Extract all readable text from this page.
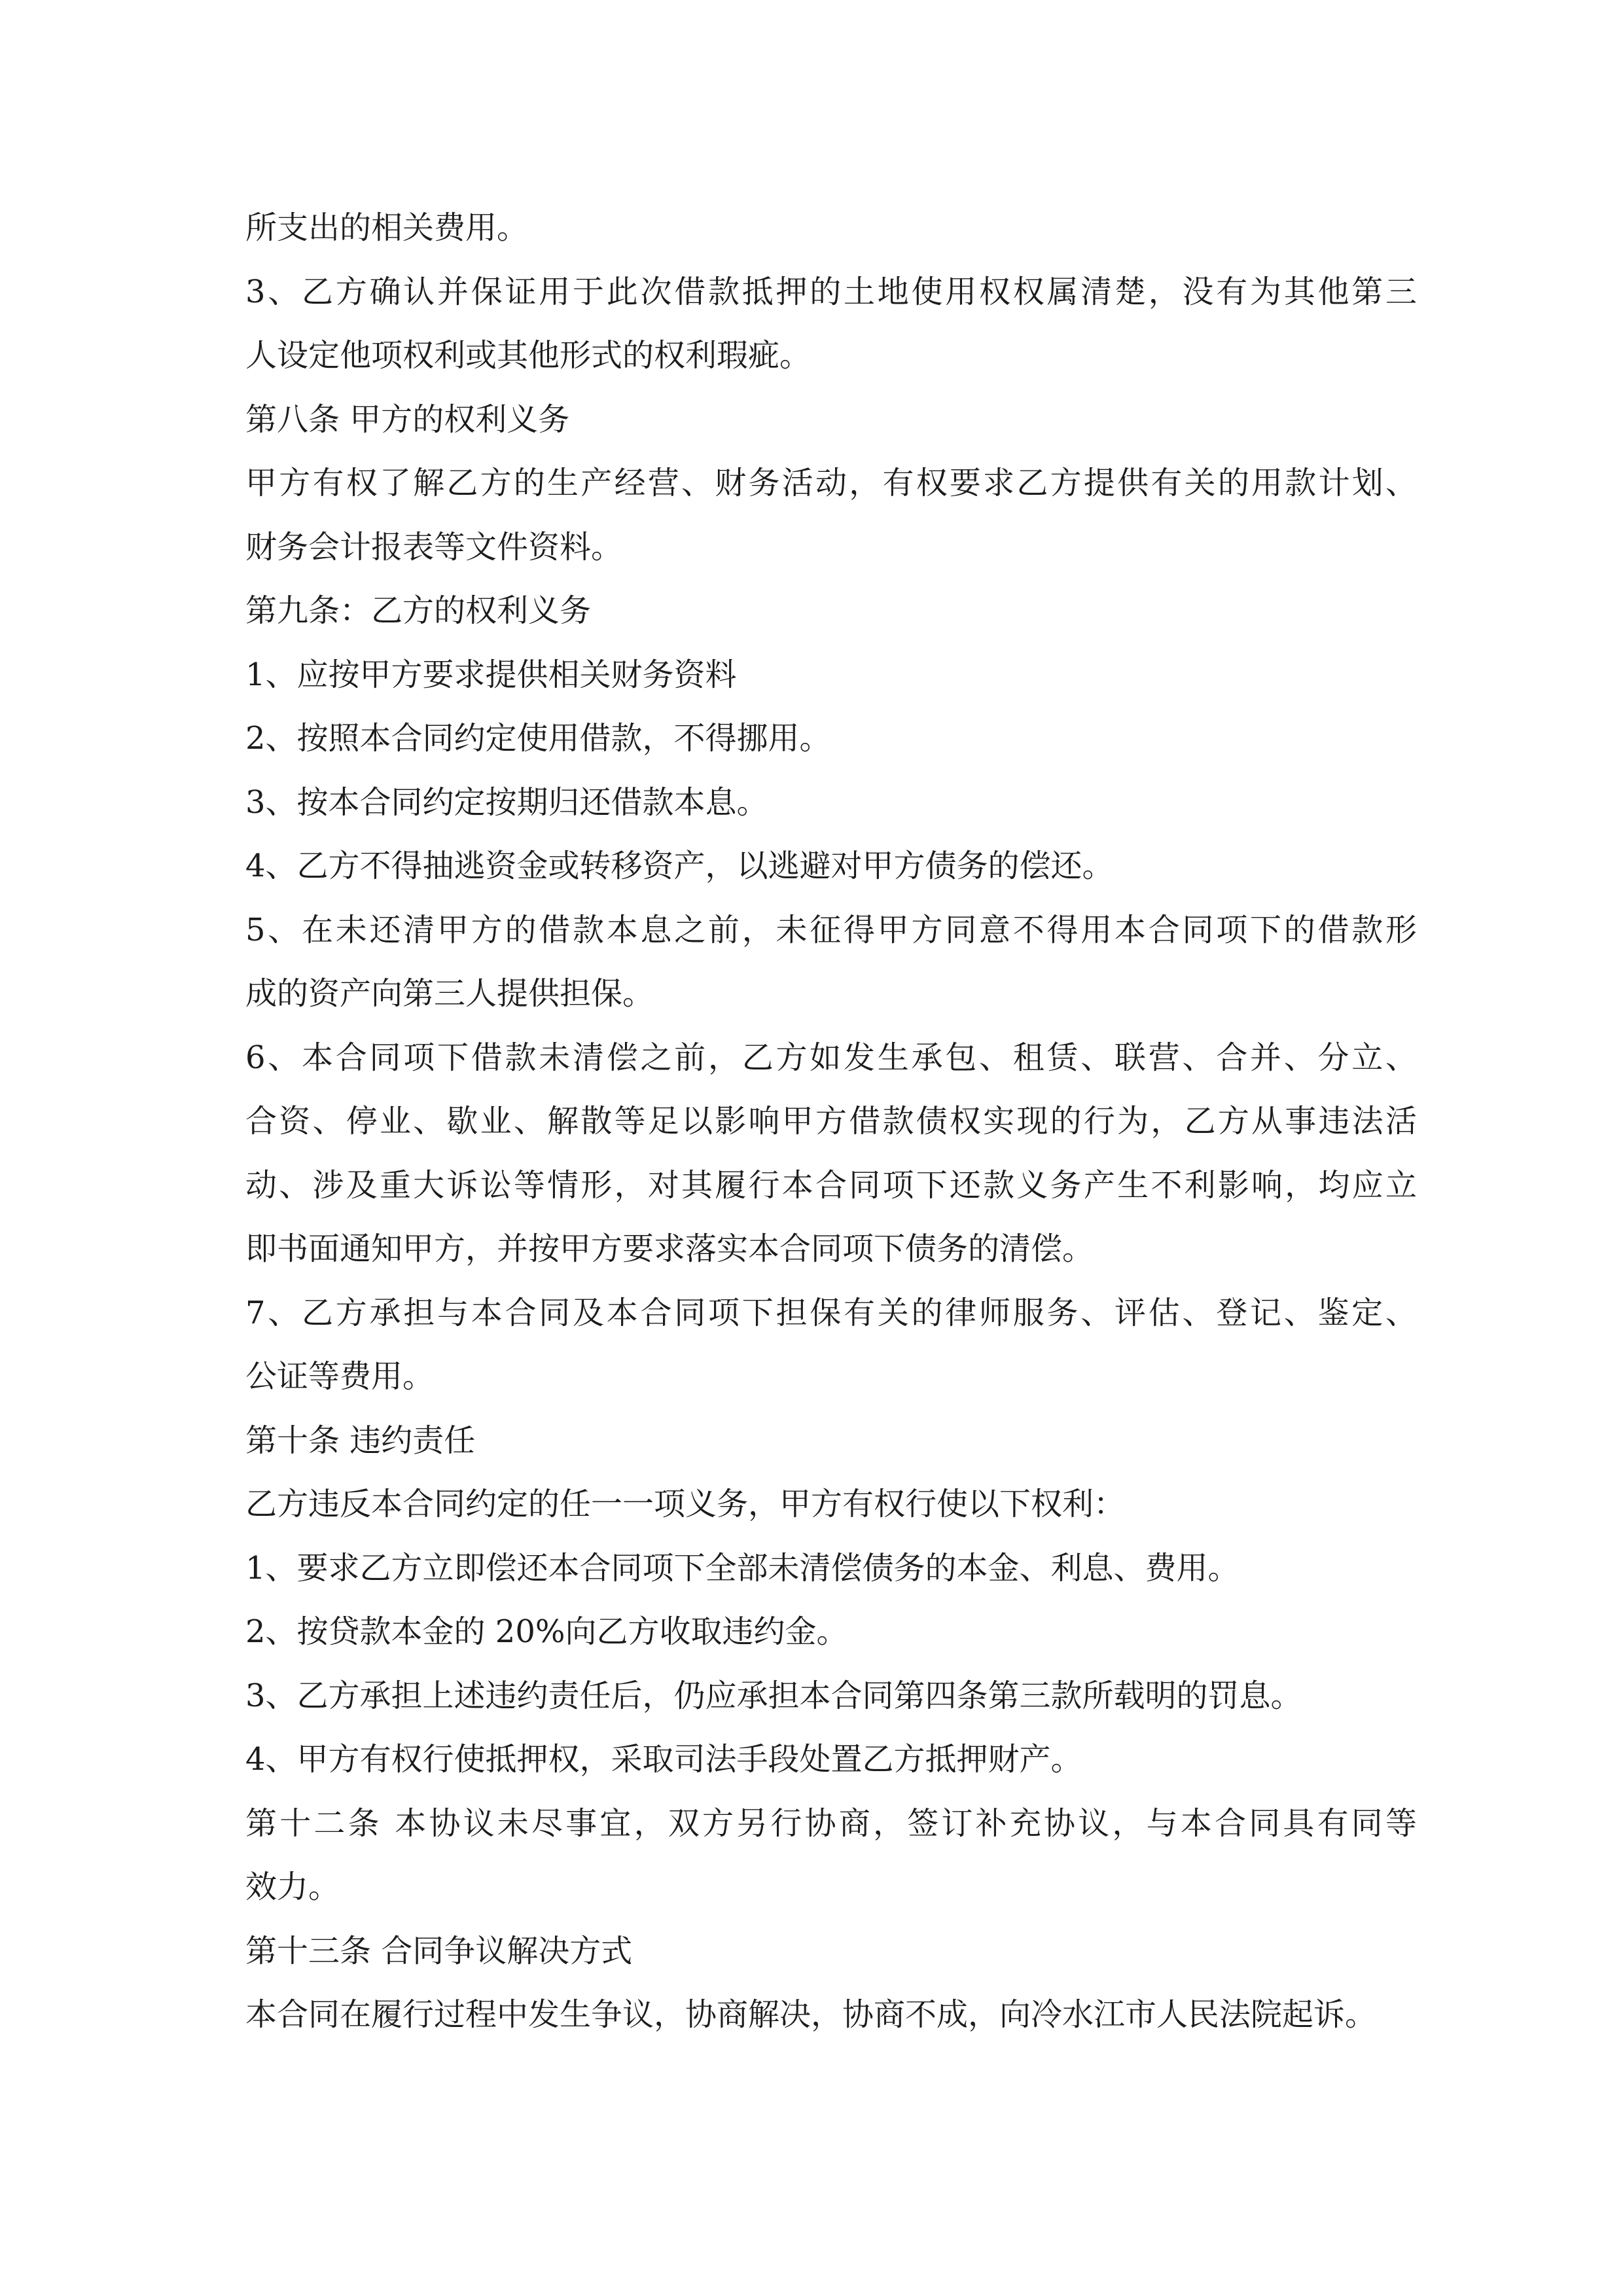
所支出的相关费用。
3、乙方确认并保证用于此次借款抵押的土地使用权权属清楚，没有为其他第三
人设定他项权利或其他形式的权利瑕疵。
第八条 甲方的权利义务
甲方有权了解乙方的生产经营、财务活动，有权要求乙方提供有关的用款计划、
财务会计报表等文件资料。
第九条：乙方的权利义务
1、应按甲方要求提供相关财务资料
2、按照本合同约定使用借款，不得挪用。
3、按本合同约定按期归还借款本息。
4、乙方不得抽逃资金或转移资产，以逃避对甲方债务的偿还。
5、在未还清甲方的借款本息之前，未征得甲方同意不得用本合同项下的借款形
成的资产向第三人提供担保。
6、本合同项下借款未清偿之前，乙方如发生承包、租赁、联营、合并、分立、
合资、停业、歇业、解散等足以影响甲方借款债权实现的行为，乙方从事违法活
动、涉及重大诉讼等情形，对其履行本合同项下还款义务产生不利影响，均应立
即书面通知甲方，并按甲方要求落实本合同项下债务的清偿。
7、乙方承担与本合同及本合同项下担保有关的律师服务、评估、登记、鉴定、
公证等费用。
第十条 违约责任
乙方违反本合同约定的任一一项义务，甲方有权行使以下权利：
1、要求乙方立即偿还本合同项下全部未清偿债务的本金、利息、费用。
2、按贷款本金的 20%向乙方收取违约金。
3、乙方承担上述违约责任后，仍应承担本合同第四条第三款所载明的罚息。
4、甲方有权行使抵押权，采取司法手段处置乙方抵押财产。
第十二条 本协议未尽事宜，双方另行协商，签订补充协议，与本合同具有同等
效力。
第十三条 合同争议解决方式
本合同在履行过程中发生争议，协商解决，协商不成，向冷水江市人民法院起诉。
